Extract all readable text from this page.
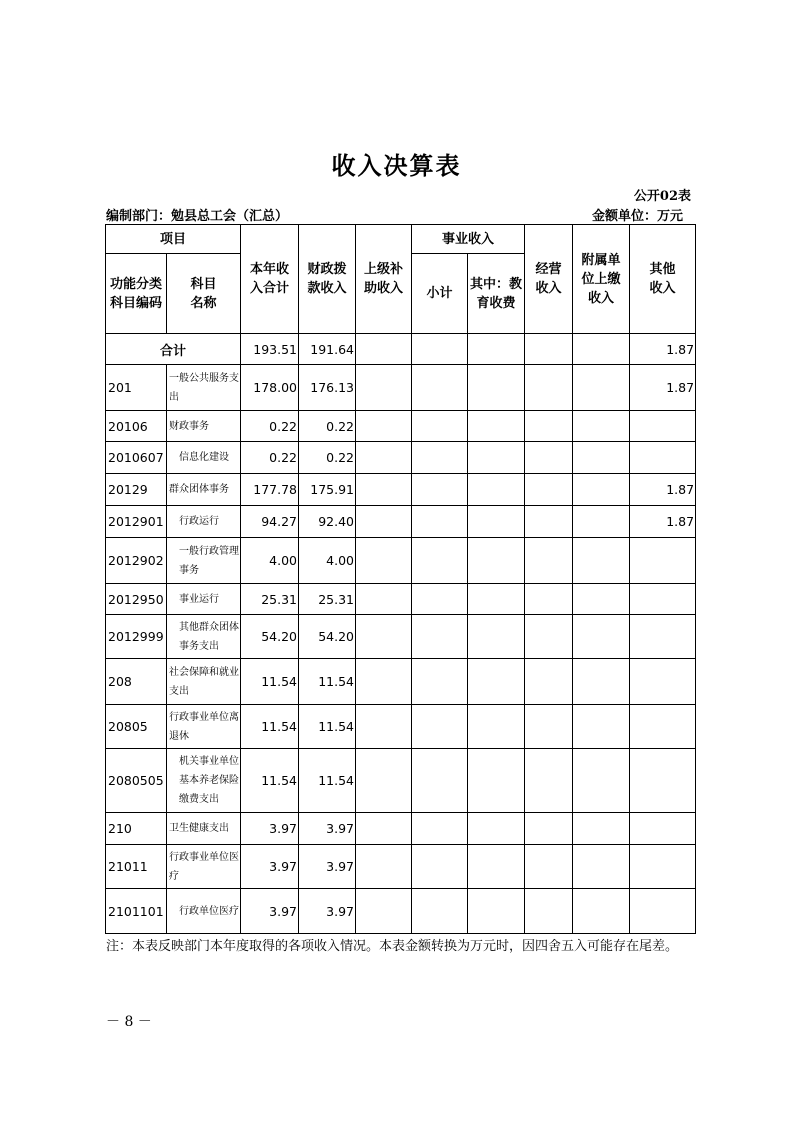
收入决算表
公开02表
编制部门：勉县总工会（汇总）	金额单位：万元
项目		本年收入合计	财政拨款收入	上级补助收入	事业收入		经营收入	附属单位上缴收入	其他收入

功能分类科目编码	科目名称				小计	其中：教育收费			

合计		193.51	191.64						1.87
201	一般公共服务支出	178.00	176.13						1.87
20106	财政事务	0.22	0.22						
2010607	信息化建设	0.22	0.22						
20129	群众团体事务	177.78	175.91						1.87
2012901	行政运行	94.27	92.40						1.87
2012902	一般行政管理事务	4.00	4.00						
2012950	事业运行	25.31	25.31						
2012999	其他群众团体事务支出	54.20	54.20						
208	社会保障和就业支出	11.54	11.54						
20805	行政事业单位离退休	11.54	11.54						
2080505	机关事业单位基本养老保险缴费支出	11.54	11.54						
210	卫生健康支出	3.97	3.97						
21011	行政事业单位医疗	3.97	3.97						
2101101	行政单位医疗	3.97	3.97						
注：本表反映部门本年度取得的各项收入情况。本表金额转换为万元时，因四舍五入可能存在尾差。
－ 8 －
